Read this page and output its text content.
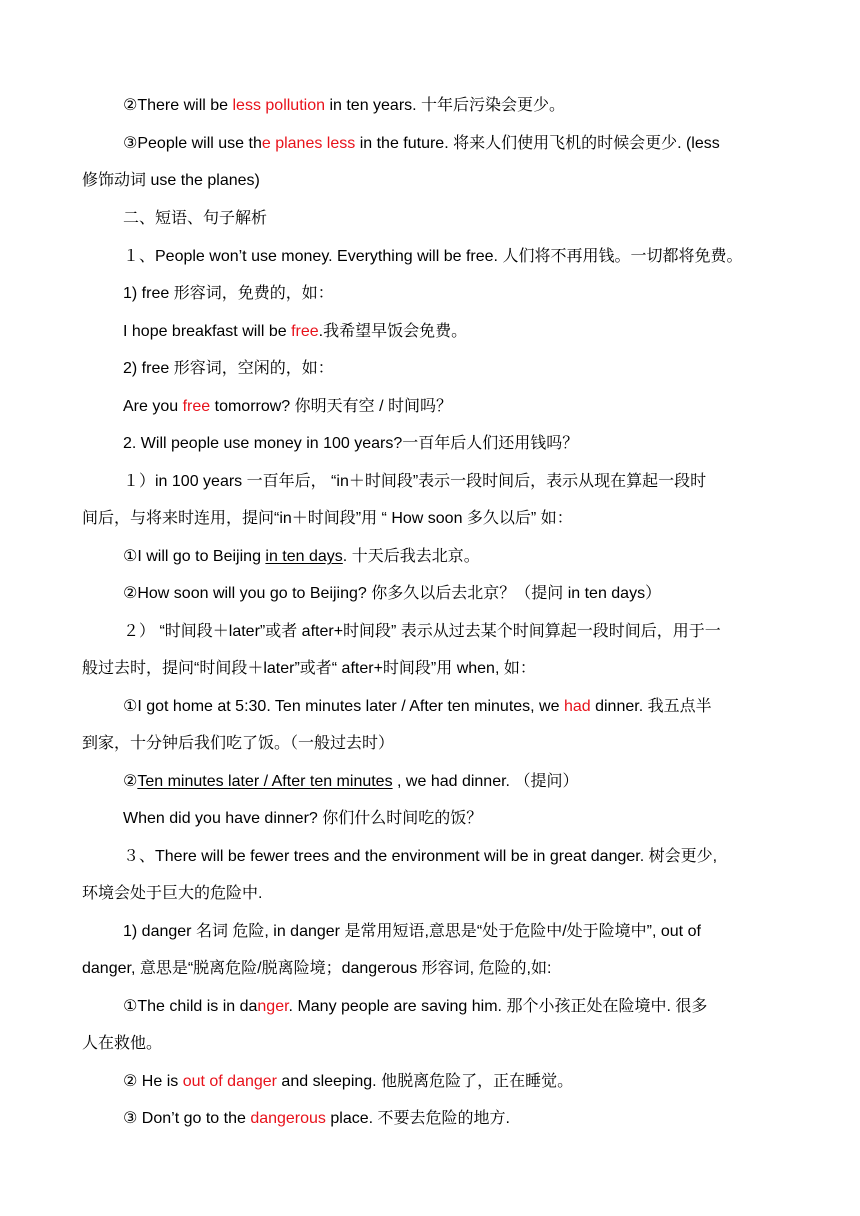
②There will be less pollution in ten years. 十年后污染会更少。
③People will use the planes less in the future. 将来人们使用飞机的时候会更少. (less
修饰动词 use the planes)
二、短语、句子解析
１、People won’t use money. Everything will be free. 人们将不再用钱。一切都将免费。
1) free 形容词，免费的，如：
I hope breakfast will be free.我希望早饭会免费。
2) free 形容词，空闲的，如：
Are you free tomorrow? 你明天有空 / 时间吗？
2. Will people use money in 100 years?一百年后人们还用钱吗？
１）in 100 years 一百年后， “in＋时间段”表示一段时间后，表示从现在算起一段时
间后，与将来时连用，提问“in＋时间段”用 “ How soon 多久以后” 如：
①I will go to Beijing in ten days. 十天后我去北京。
②How soon will you go to Beijing? 你多久以后去北京？（提问 in ten days）
２） “时间段＋later”或者 after+时间段” 表示从过去某个时间算起一段时间后，用于一
般过去时，提问“时间段＋later”或者“ after+时间段”用 when, 如：
①I got home at 5:30. Ten minutes later / After ten minutes, we had dinner. 我五点半
到家，十分钟后我们吃了饭。（一般过去时）
②Ten minutes later / After ten minutes , we had dinner. （提问）
When did you have dinner? 你们什么时间吃的饭？
３、There will be fewer trees and the environment will be in great danger. 树会更少,
环境会处于巨大的危险中.
1) danger 名词 危险, in danger 是常用短语,意思是“处于危险中/处于险境中”, out of
danger, 意思是“脱离危险/脱离险境；dangerous 形容词, 危险的,如:
①The child is in danger. Many people are saving him. 那个小孩正处在险境中. 很多
人在救他。
② He is out of danger and sleeping. 他脱离危险了，正在睡觉。
③ Don’t go to the dangerous place. 不要去危险的地方.
